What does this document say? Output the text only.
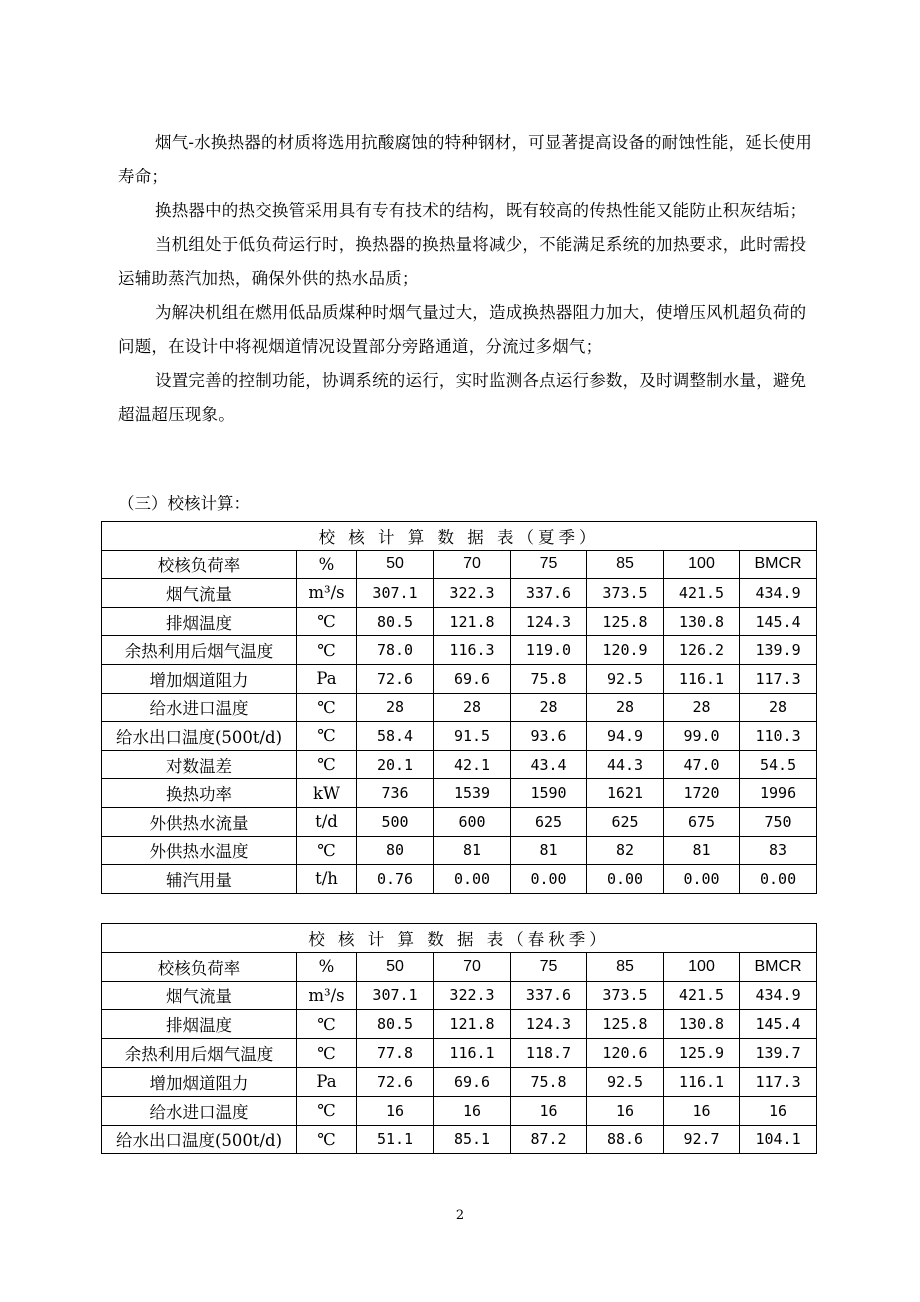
烟气-水换热器的材质将选用抗酸腐蚀的特种钢材，可显著提高设备的耐蚀性能，延长使用寿命；

换热器中的热交换管采用具有专有技术的结构，既有较高的传热性能又能防止积灰结垢；

当机组处于低负荷运行时，换热器的换热量将减少，不能满足系统的加热要求，此时需投运辅助蒸汽加热，确保外供的热水品质；

为解决机组在燃用低品质煤种时烟气量过大，造成换热器阻力加大，使增压风机超负荷的问题，在设计中将视烟道情况设置部分旁路通道，分流过多烟气；

设置完善的控制功能，协调系统的运行，实时监测各点运行参数，及时调整制水量，避免超温超压现象。

（三）校核计算：

校 核 计 算 数 据 表（夏季）							
校核负荷率	%	50	70	75	85	100	BMCR
烟气流量	m³/s	307.1	322.3	337.6	373.5	421.5	434.9
排烟温度	℃	80.5	121.8	124.3	125.8	130.8	145.4
余热利用后烟气温度	℃	78.0	116.3	119.0	120.9	126.2	139.9
增加烟道阻力	Pa	72.6	69.6	75.8	92.5	116.1	117.3
给水进口温度	℃	28	28	28	28	28	28
给水出口温度(500t/d)	℃	58.4	91.5	93.6	94.9	99.0	110.3
对数温差	℃	20.1	42.1	43.4	44.3	47.0	54.5
换热功率	kW	736	1539	1590	1621	1720	1996
外供热水流量	t/d	500	600	625	625	675	750
外供热水温度	℃	80	81	81	82	81	83
辅汽用量	t/h	0.76	0.00	0.00	0.00	0.00	0.00
校 核 计 算 数 据 表（春秋季）							
校核负荷率	%	50	70	75	85	100	BMCR
烟气流量	m³/s	307.1	322.3	337.6	373.5	421.5	434.9
排烟温度	℃	80.5	121.8	124.3	125.8	130.8	145.4
余热利用后烟气温度	℃	77.8	116.1	118.7	120.6	125.9	139.7
增加烟道阻力	Pa	72.6	69.6	75.8	92.5	116.1	117.3
给水进口温度	℃	16	16	16	16	16	16
给水出口温度(500t/d)	℃	51.1	85.1	87.2	88.6	92.7	104.1
2
